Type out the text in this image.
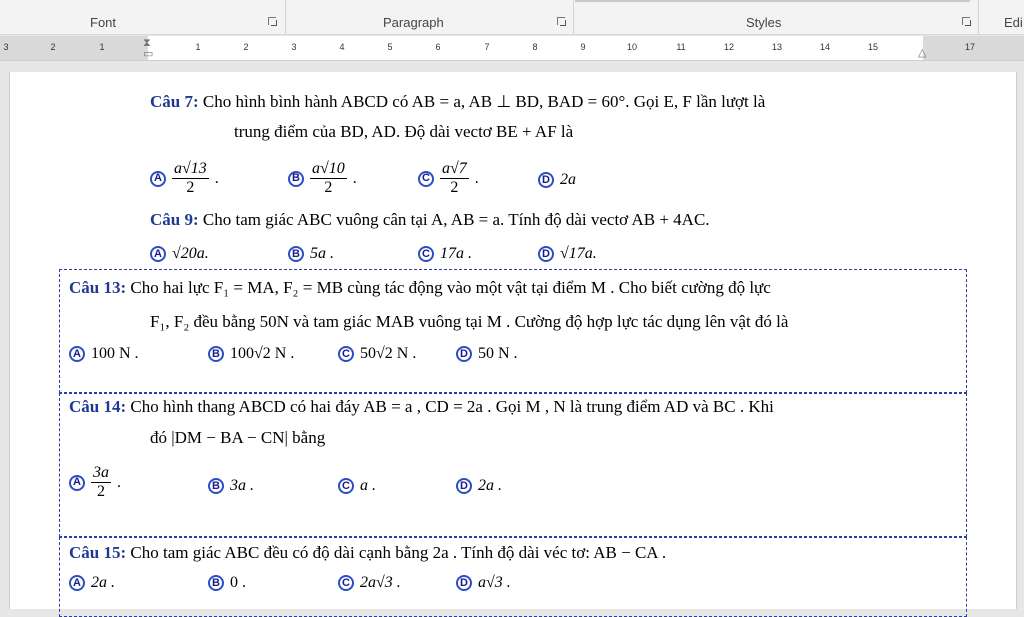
Font	Paragraph	Styles	Edi
3	2	1	1	2	3	4	5	6	7	8	9	10	11	12	13	14	15	17
⧗
▭	△
Câu 7: Cho hình bình hành ABCD có AB = a, AB ⊥ BD, BAD = 60°. Gọi E, F lần lượt là
trung điểm của BD, AD. Độ dài vectơ BE + AF là
A $\frac{a√13}{2}$ .	B $\frac{a√10}{2}$ .	C $\frac{a√7}{2}$ .	D 2a
Câu 9: Cho tam giác ABC vuông cân tại A, AB = a. Tính độ dài vectơ AB + 4AC.
A √20a.	B 5a .	C 17a .	D √17a.
Câu 13: Cho hai lực F₁ = MA, F₂ = MB cùng tác động vào một vật tại điểm M . Cho biết cường độ lực
F₁, F₂ đều bằng 50N và tam giác MAB vuông tại M . Cường độ hợp lực tác dụng lên vật đó là
A 100 N .	B 100√2 N .	C 50√2 N .	D 50 N .
Câu 14: Cho hình thang ABCD có hai đáy AB = a , CD = 2a . Gọi M , N là trung điểm AD và BC . Khi
đó |DM − BA − CN| bằng
A $\frac{3a}{2}$ .	B 3a .	C a .	D 2a .
Câu 15: Cho tam giác ABC đều có độ dài cạnh bằng 2a . Tính độ dài véc tơ: AB − CA .
A 2a .	B 0 .	C 2a√3 .	D a√3 .
